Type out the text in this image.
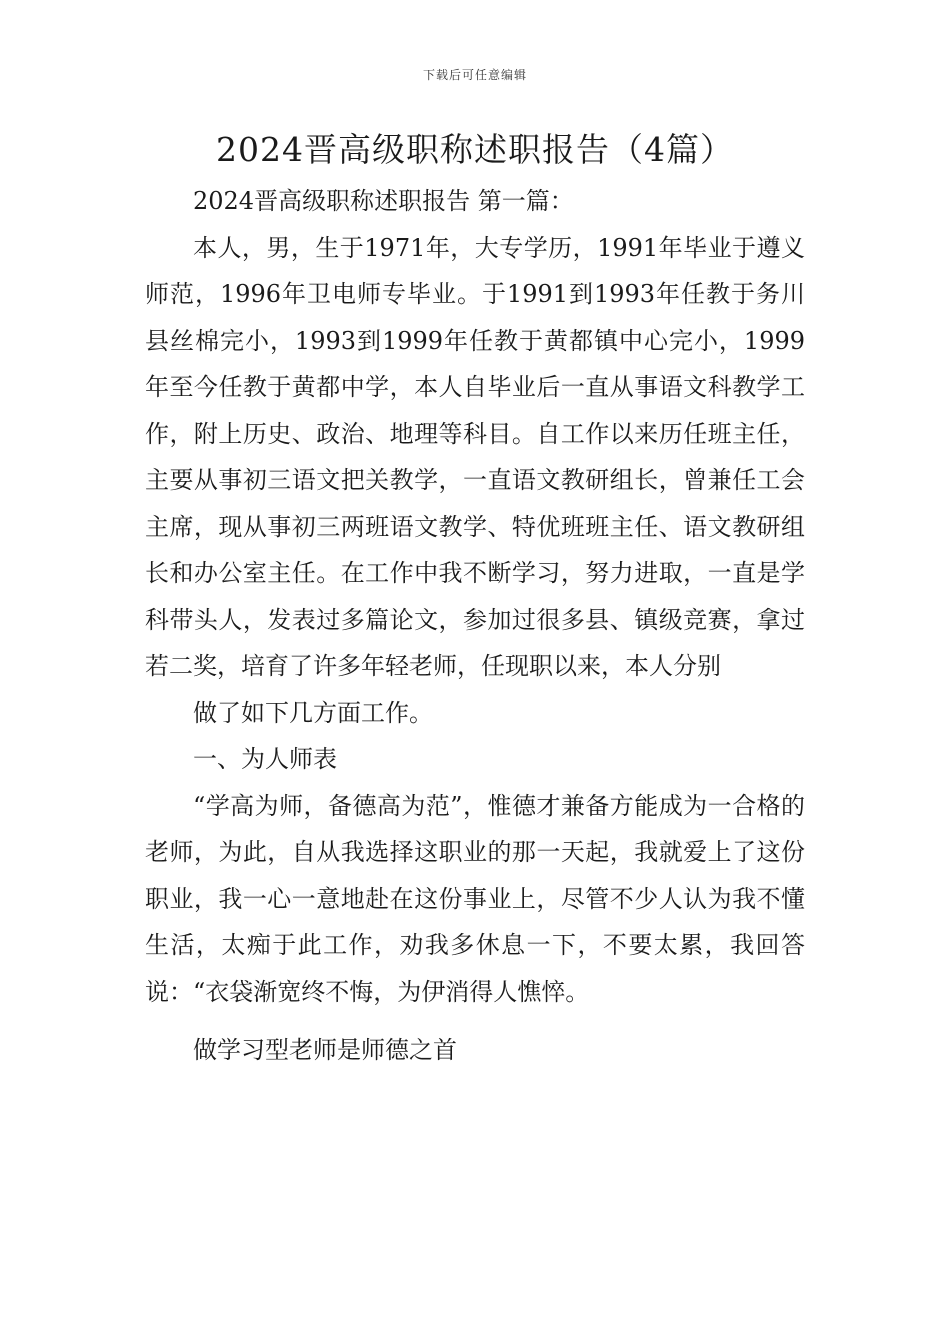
下载后可任意编辑
2024晋高级职称述职报告（4篇）

2024晋高级职称述职报告 第一篇：

本人，男，生于1971年，大专学历，1991年毕业于遵义师范，1996年卫电师专毕业。于1991到1993年任教于务川县丝棉完小，1993到1999年任教于黄都镇中心完小，1999年至今任教于黄都中学，本人自毕业后一直从事语文科教学工作，附上历史、政治、地理等科目。自工作以来历任班主任，主要从事初三语文把关教学，一直语文教研组长，曾兼任工会主席，现从事初三两班语文教学、特优班班主任、语文教研组长和办公室主任。在工作中我不断学习，努力进取，一直是学科带头人，发表过多篇论文，参加过很多县、镇级竞赛，拿过若二奖，培育了许多年轻老师，任现职以来，本人分别

做了如下几方面工作。

一、为人师表

“学高为师，备德高为范”，惟德才兼备方能成为一合格的老师，为此，自从我选择这职业的那一天起，我就爱上了这份职业，我一心一意地赴在这份事业上，尽管不少人认为我不懂生活，太痴于此工作，劝我多休息一下，不要太累，我回答说：“衣袋渐宽终不悔，为伊消得人憔悴。

做学习型老师是师德之首
